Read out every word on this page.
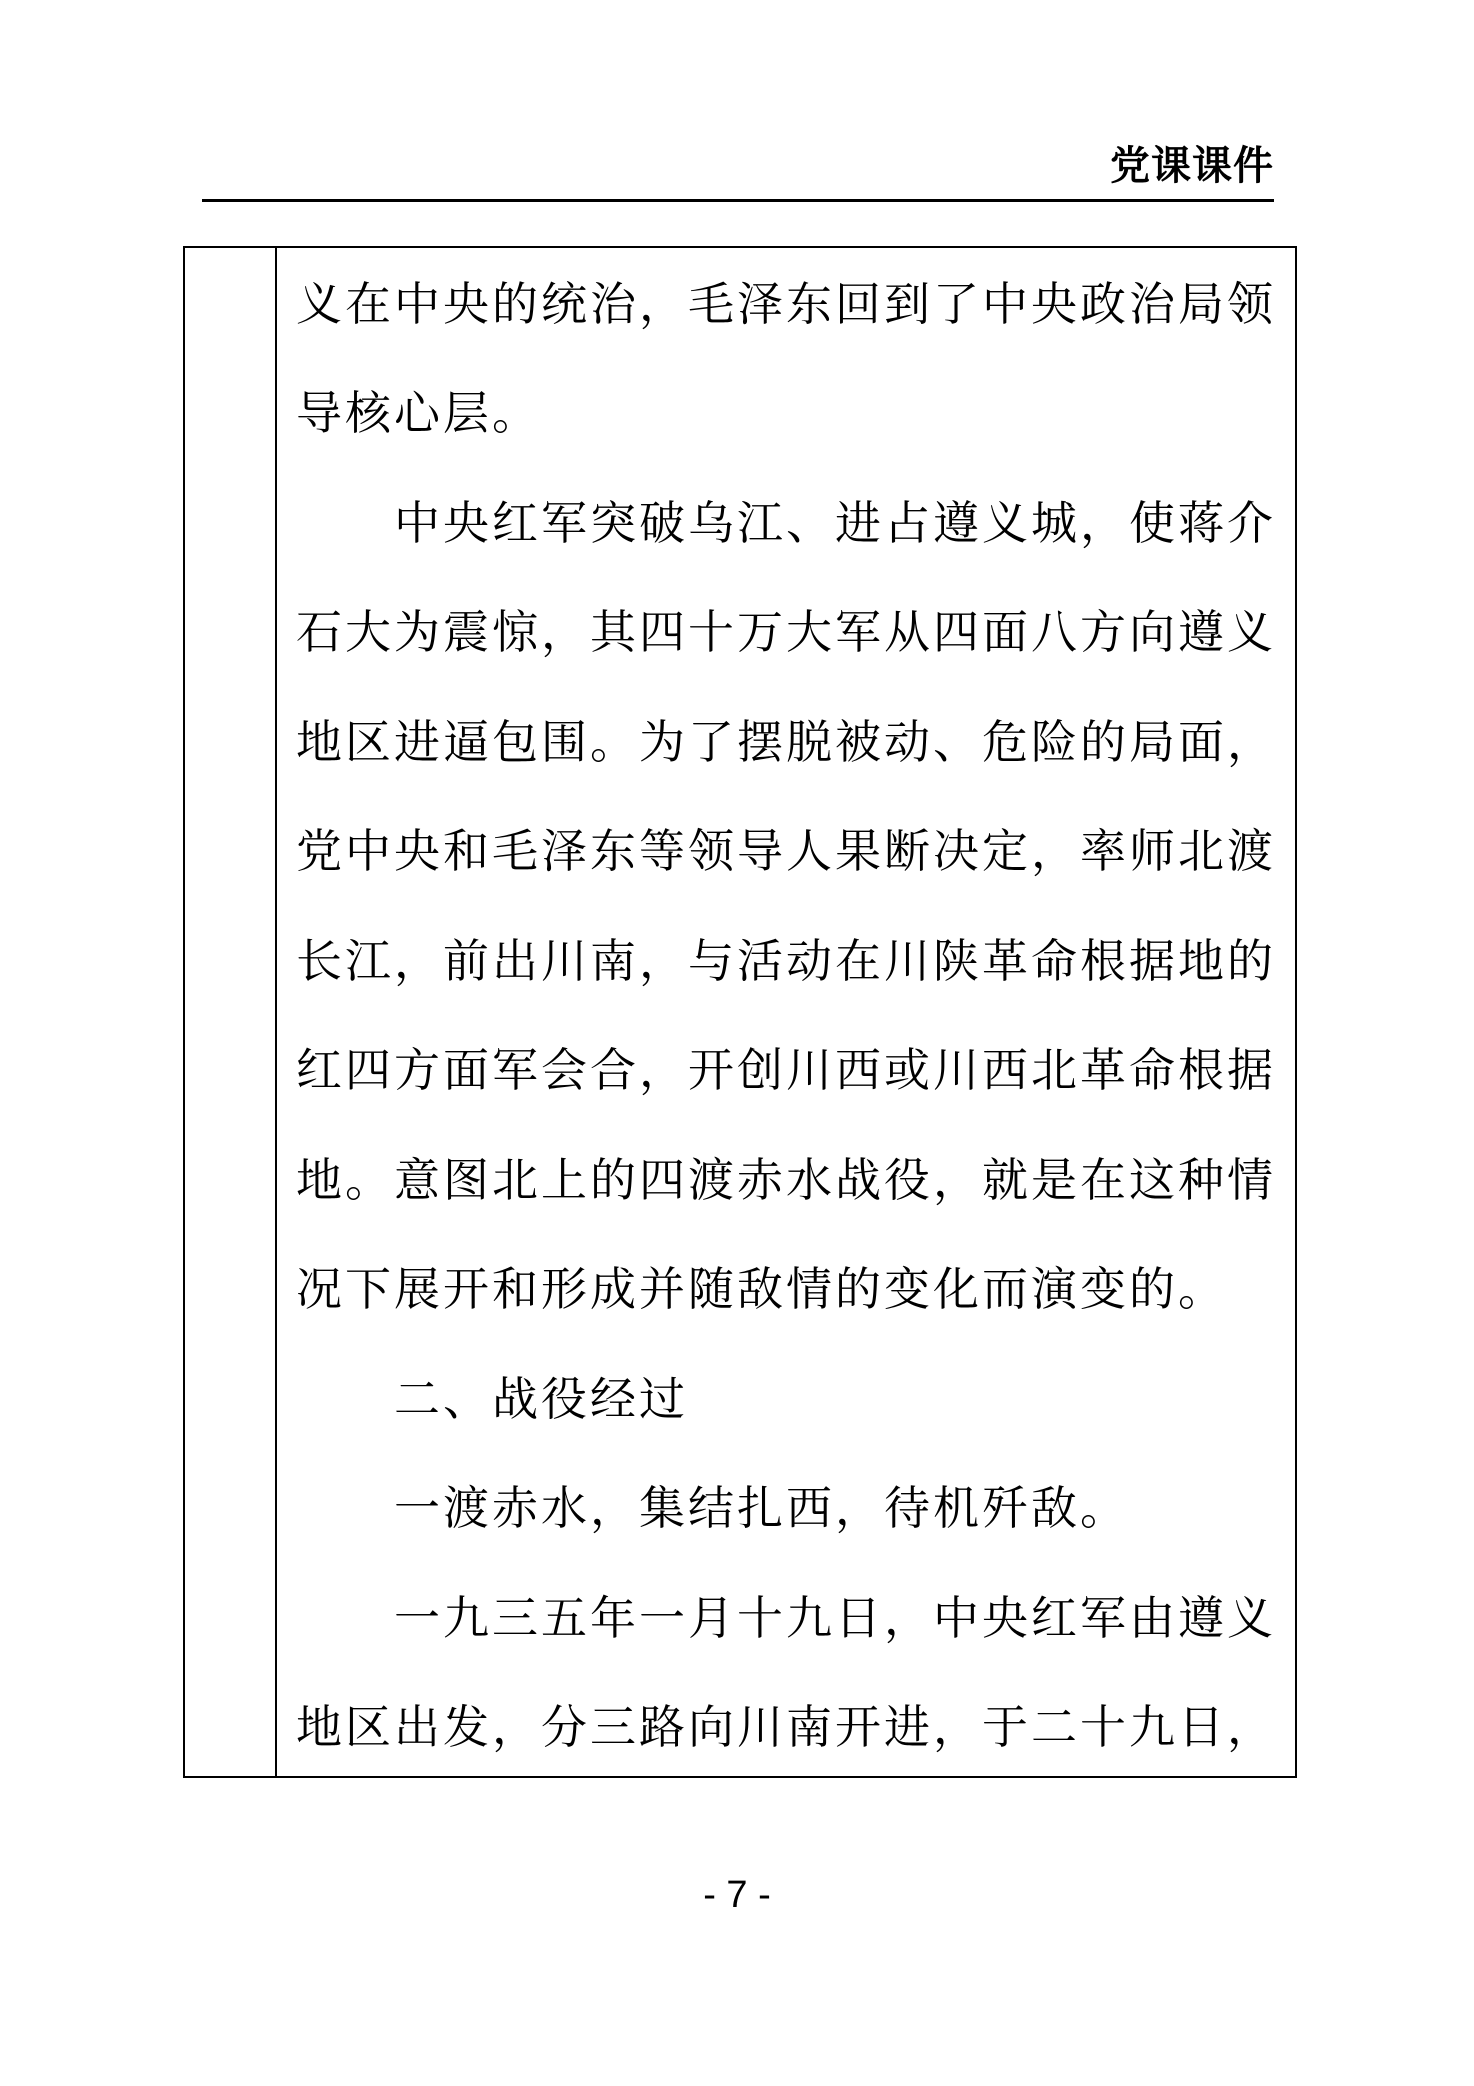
党课课件
义在中央的统治，毛泽东回到了中央政治局领
导核心层。
中央红军突破乌江、进占遵义城，使蒋介
石大为震惊，其四十万大军从四面八方向遵义
地区进逼包围。为了摆脱被动、危险的局面，
党中央和毛泽东等领导人果断决定，率师北渡
长江，前出川南，与活动在川陕革命根据地的
红四方面军会合，开创川西或川西北革命根据
地。意图北上的四渡赤水战役，就是在这种情
况下展开和形成并随敌情的变化而演变的。
二、战役经过
一渡赤水，集结扎西，待机歼敌。
一九三五年一月十九日，中央红军由遵义
地区出发，分三路向川南开进，于二十九日，
- 7 -
